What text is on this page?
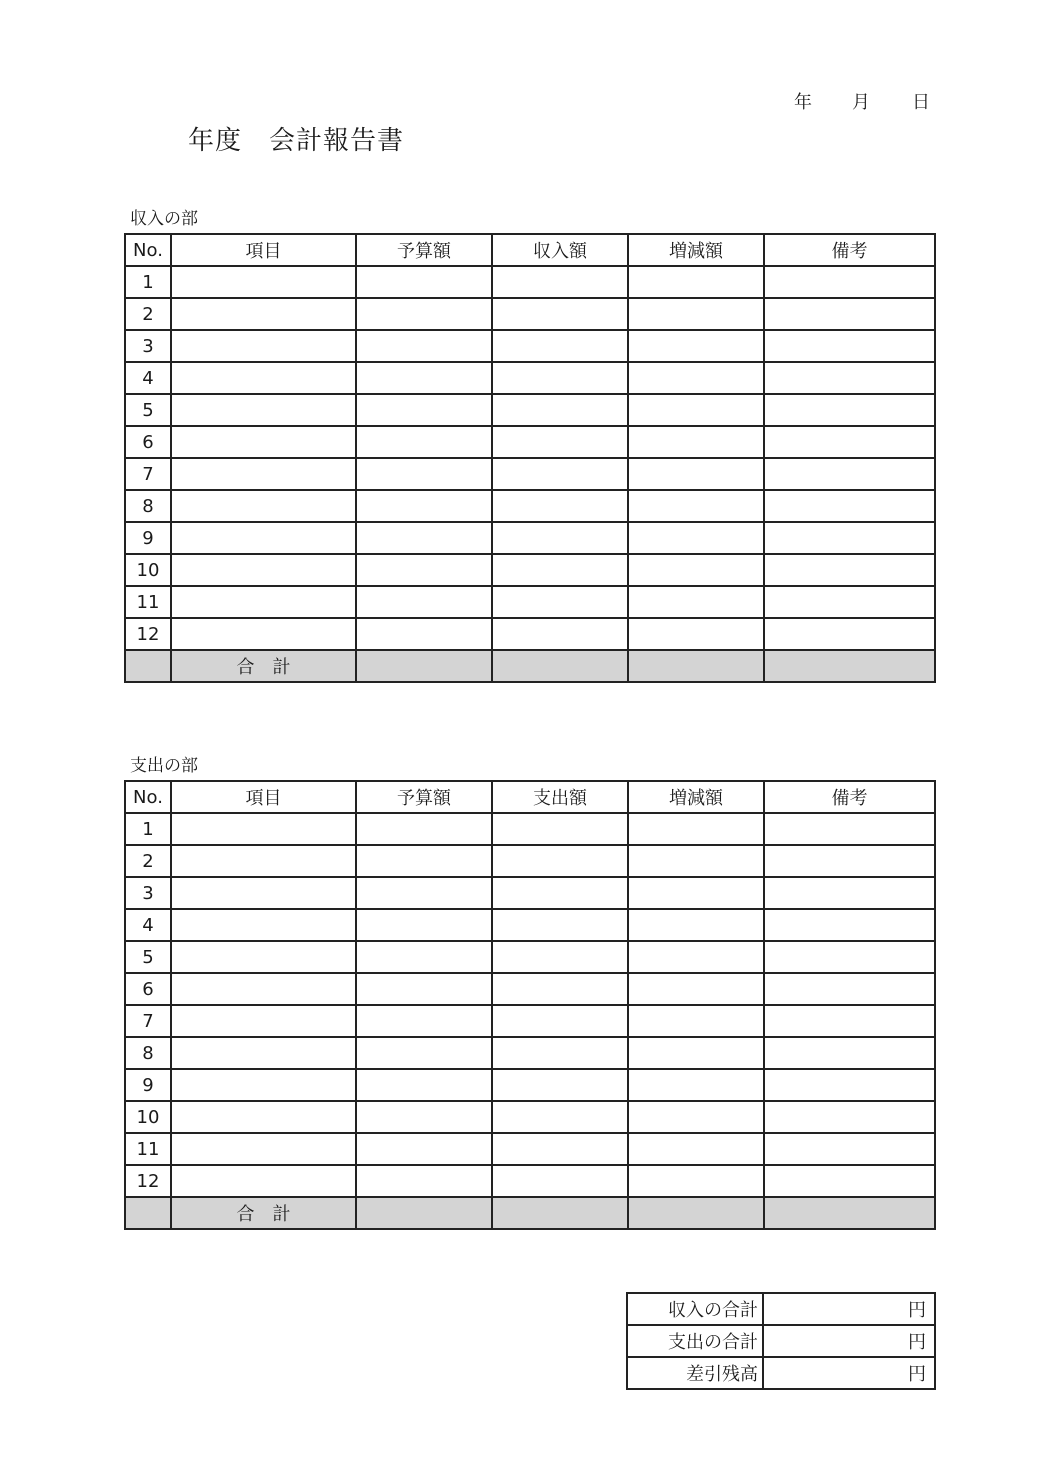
年 月 日
年度　会計報告書
収入の部
No.	項目	予算額	収入額	増減額	備考
1					
2					
3					
4					
5					
6					
7					
8					
9					
10					
11					
12					
	合　計				
支出の部
No.	項目	予算額	支出額	増減額	備考
1					
2					
3					
4					
5					
6					
7					
8					
9					
10					
11					
12					
	合　計				
収入の合計	円
支出の合計	円
差引残高	円
